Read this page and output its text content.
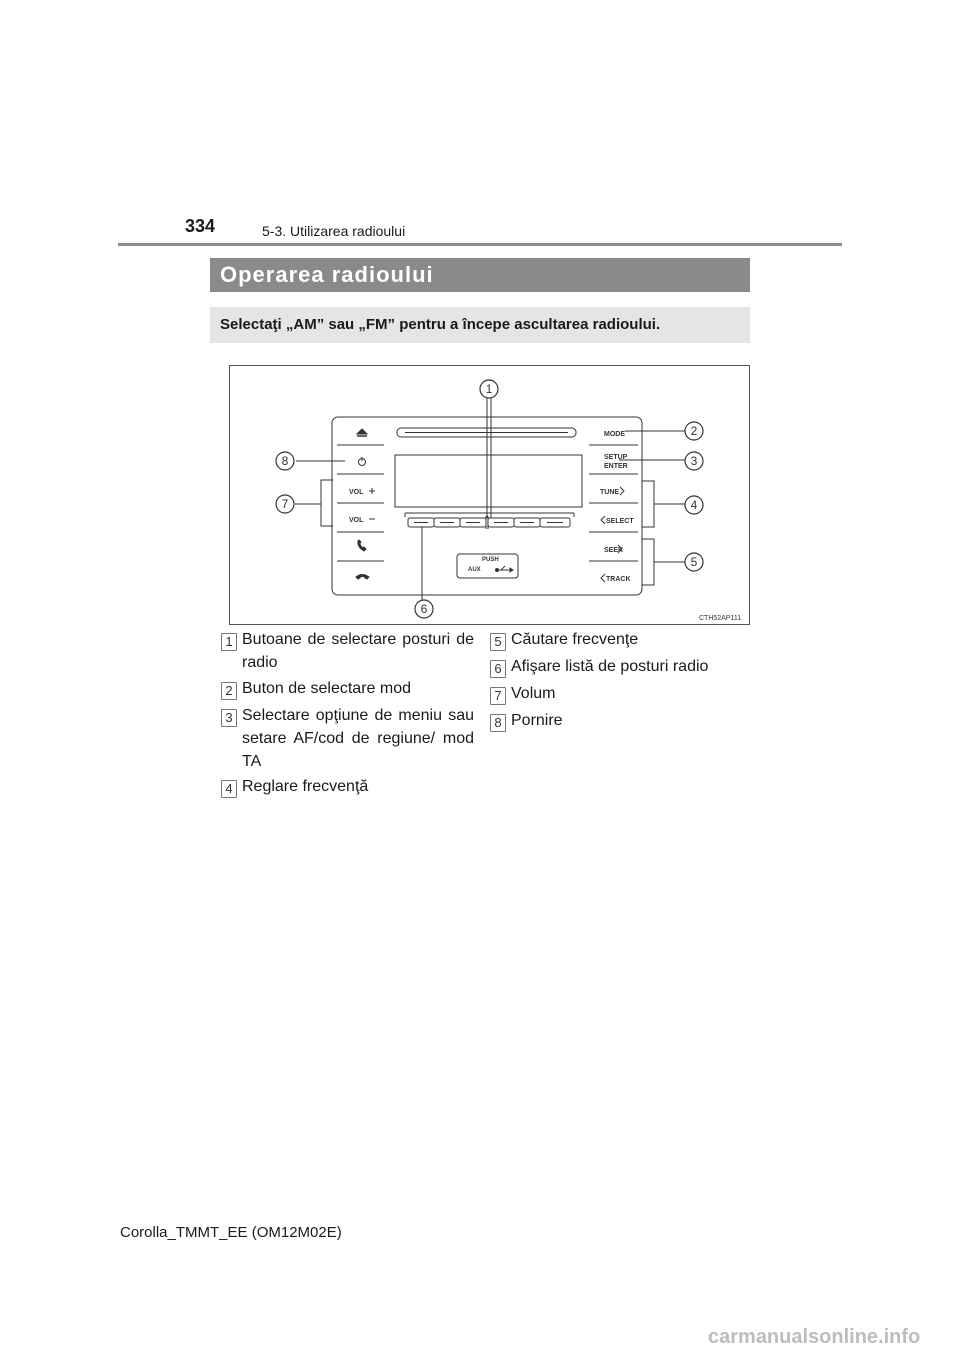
334	5-3. Utilizarea radioului
Operarea radioului
Selectaţi „AM” sau „FM” pentru a începe ascultarea radioului.
VOL
VOL
MODE
SETUP
ENTER
TUNE
SELECT
SEEK
TRACK
PUSH
AUX
CTH52AP111
1
2
3
4
5
6
7
8
1 Butoane de selectare posturi de radio
2 Buton de selectare mod
3 Selectare opţiune de meniu sau setare AF/cod de regiune/ mod TA
4 Reglare frecvenţă
5 Căutare frecvenţe
6 Afişare listă de posturi radio
7 Volum
8 Pornire
Corolla_TMMT_EE (OM12M02E)
carmanualsonline.info
